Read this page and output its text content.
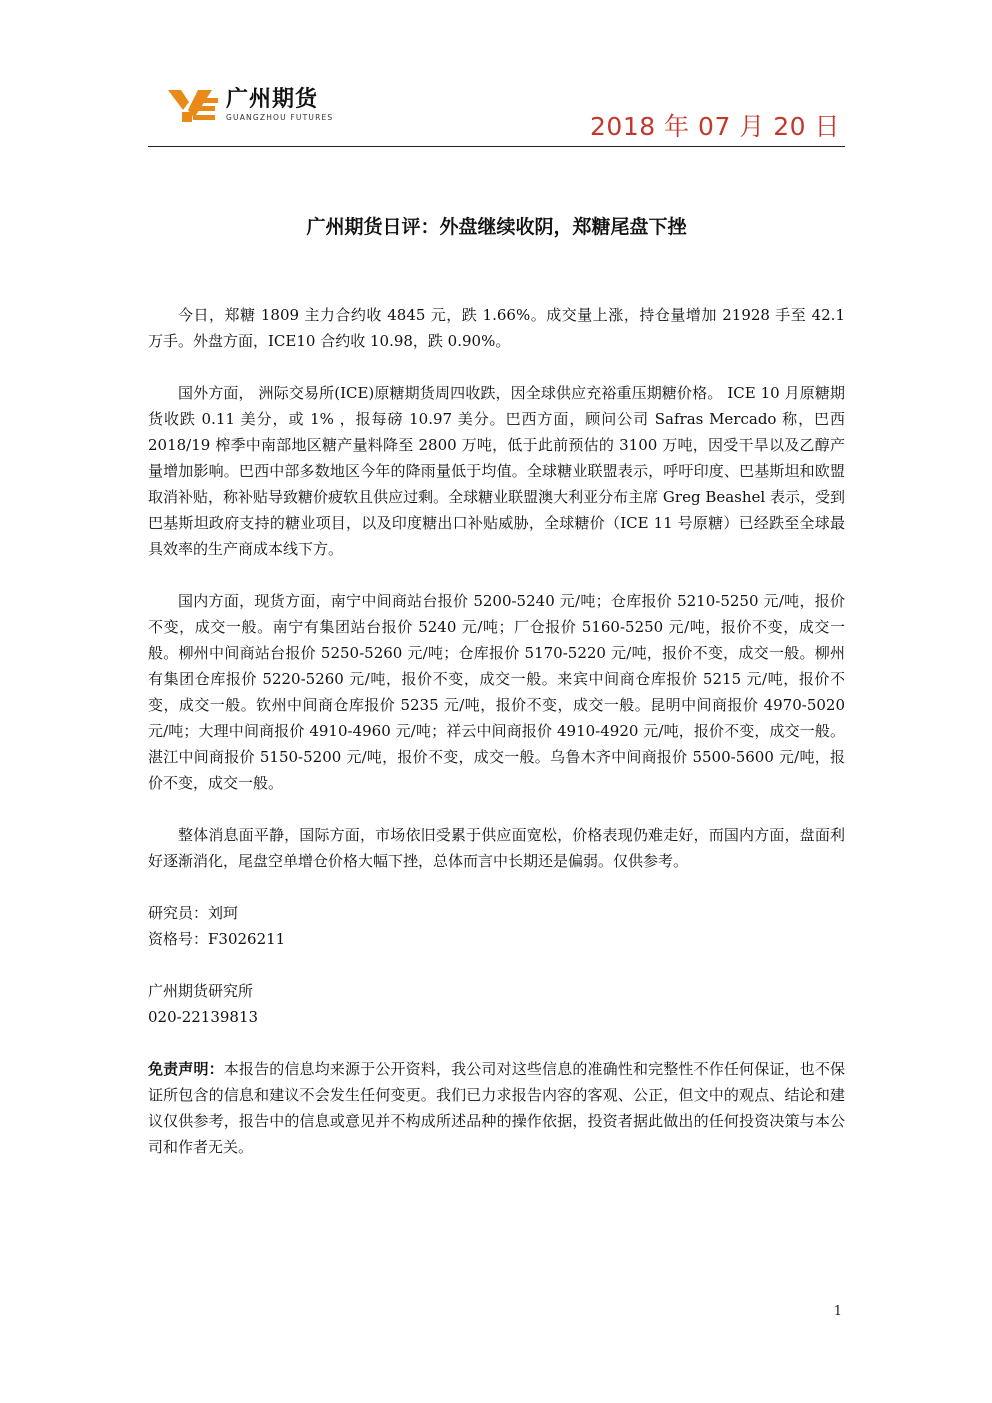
广州期货
GUANGZHOU FUTURES	2018 年 07 月 20 日
广州期货日评：外盘继续收阴，郑糖尾盘下挫

今日，郑糖 1809 主力合约收 4845 元，跌 1.66%。成交量上涨，持仓量增加 21928 手至 42.1 万手。外盘方面，ICE10 合约收 10.98，跌 0.90%。

国外方面， 洲际交易所(ICE)原糖期货周四收跌，因全球供应充裕重压期糖价格。 ICE 10 月原糖期货收跌 0.11 美分，或 1% ，报每磅 10.97 美分。巴西方面，顾问公司 Safras Mercado 称，巴西 2018/19 榨季中南部地区糖产量料降至 2800 万吨，低于此前预估的 3100 万吨，因受干旱以及乙醇产量增加影响。巴西中部多数地区今年的降雨量低于均值。全球糖业联盟表示，呼吁印度、巴基斯坦和欧盟取消补贴，称补贴导致糖价疲软且供应过剩。全球糖业联盟澳大利亚分布主席 Greg Beashel 表示，受到巴基斯坦政府支持的糖业项目，以及印度糖出口补贴威胁，全球糖价（ICE 11 号原糖）已经跌至全球最具效率的生产商成本线下方。

国内方面，现货方面，南宁中间商站台报价 5200-5240 元/吨；仓库报价 5210-5250 元/吨，报价不变，成交一般。南宁有集团站台报价 5240 元/吨；厂仓报价 5160-5250 元/吨，报价不变，成交一般。柳州中间商站台报价 5250-5260 元/吨；仓库报价 5170-5220 元/吨，报价不变，成交一般。柳州有集团仓库报价 5220-5260 元/吨，报价不变，成交一般。来宾中间商仓库报价 5215 元/吨，报价不变，成交一般。钦州中间商仓库报价 5235 元/吨，报价不变，成交一般。昆明中间商报价 4970-5020 元/吨；大理中间商报价 4910-4960 元/吨；祥云中间商报价 4910-4920 元/吨，报价不变，成交一般。湛江中间商报价 5150-5200 元/吨，报价不变，成交一般。乌鲁木齐中间商报价 5500-5600 元/吨，报价不变，成交一般。

整体消息面平静，国际方面，市场依旧受累于供应面宽松，价格表现仍难走好，而国内方面，盘面利好逐渐消化，尾盘空单增仓价格大幅下挫，总体而言中长期还是偏弱。仅供参考。

研究员：刘珂

资格号：F3026211

广州期货研究所

020-22139813

免责声明：本报告的信息均来源于公开资料，我公司对这些信息的准确性和完整性不作任何保证，也不保证所包含的信息和建议不会发生任何变更。我们已力求报告内容的客观、公正，但文中的观点、结论和建议仅供参考，报告中的信息或意见并不构成所述品种的操作依据，投资者据此做出的任何投资决策与本公司和作者无关。

1
